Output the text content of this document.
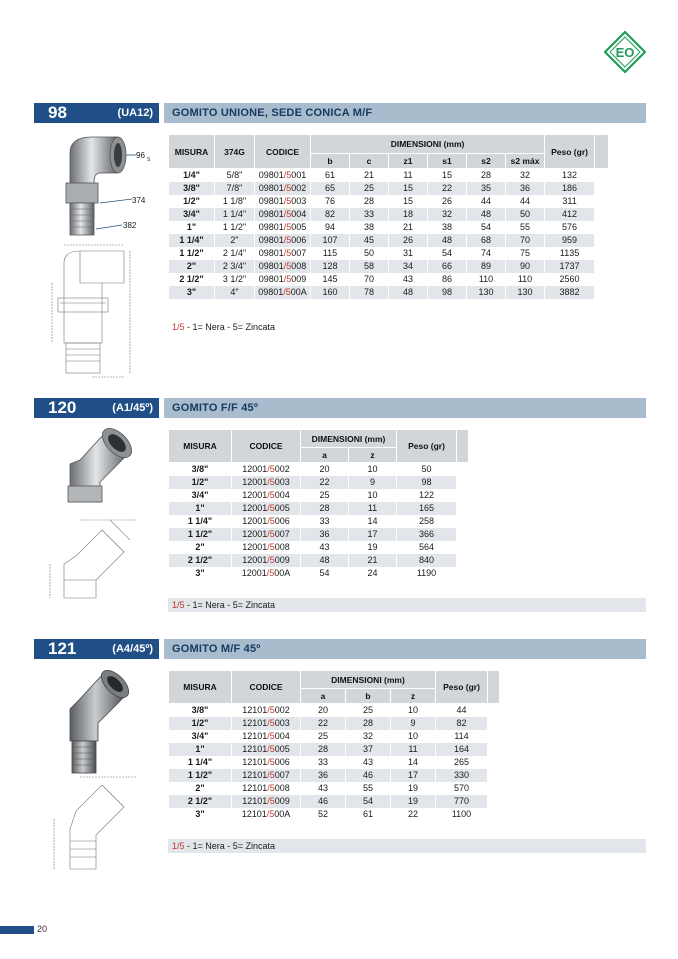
EO
98	(UA12) GOMITO UNIONE, SEDE CONICA M/F
96 S
374
382
MISURA	374G	CODICE	DIMENSIONI (mm)						Peso (gr)	
			b	c	z1	s1	s2	s2 máx		
1/4"	5/8"	09801/5001	61	21	11	15	28	32	132	
3/8"	7/8"	09801/5002	65	25	15	22	35	36	186	
1/2"	1 1/8"	09801/5003	76	28	15	26	44	44	311	
3/4"	1 1/4"	09801/5004	82	33	18	32	48	50	412	
1"	1 1/2"	09801/5005	94	38	21	38	54	55	576	
1 1/4"	2"	09801/5006	107	45	26	48	68	70	959	
1 1/2"	2 1/4"	09801/5007	115	50	31	54	74	75	1135	
2"	2 3/4"	09801/5008	128	58	34	66	89	90	1737	
2 1/2"	3 1/2"	09801/5009	145	70	43	86	110	110	2560	
3"	4"	09801/500A	160	78	48	98	130	130	3882	
1/5 - 1= Nera - 5= Zincata
120	(A1/45º) GOMITO F/F 45º
MISURA	CODICE	DIMENSIONI (mm)		Peso (gr)	
		a	z		
3/8"	12001/5002	20	10	50	
1/2"	12001/5003	22	9	98	
3/4"	12001/5004	25	10	122	
1"	12001/5005	28	11	165	
1 1/4"	12001/5006	33	14	258	
1 1/2"	12001/5007	36	17	366	
2"	12001/5008	43	19	564	
2 1/2"	12001/5009	48	21	840	
3"	12001/500A	54	24	1190	
1/5 - 1= Nera - 5= Zincata
121	(A4/45º) GOMITO M/F 45º
MISURA	CODICE	DIMENSIONI (mm)			Peso (gr)	
		a	b	z		
3/8"	12101/5002	20	25	10	44	
1/2"	12101/5003	22	28	9	82	
3/4"	12101/5004	25	32	10	114	
1"	12101/5005	28	37	11	164	
1 1/4"	12101/5006	33	43	14	265	
1 1/2"	12101/5007	36	46	17	330	
2"	12101/5008	43	55	19	570	
2 1/2"	12101/5009	46	54	19	770	
3"	12101/500A	52	61	22	1100	
1/5 - 1= Nera - 5= Zincata
20
